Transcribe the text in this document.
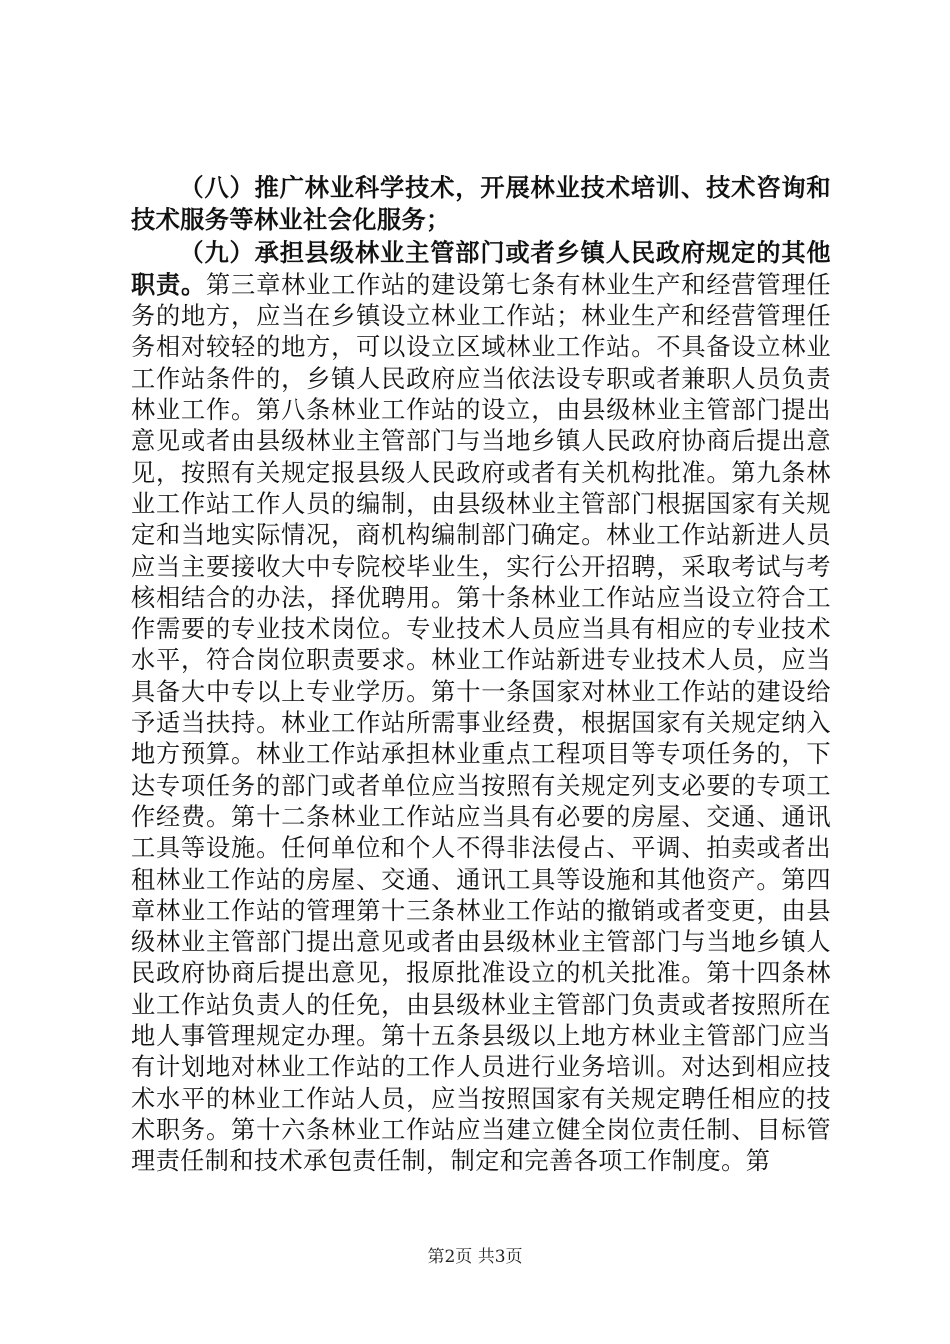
（八）推广林业科学技术，开展林业技术培训、技术咨询和技术服务等林业社会化服务；

（九）承担县级林业主管部门或者乡镇人民政府规定的其他职责。第三章林业工作站的建设第七条有林业生产和经营管理任务的地方，应当在乡镇设立林业工作站；林业生产和经营管理任务相对较轻的地方，可以设立区域林业工作站。不具备设立林业工作站条件的，乡镇人民政府应当依法设专职或者兼职人员负责林业工作。第八条林业工作站的设立，由县级林业主管部门提出意见或者由县级林业主管部门与当地乡镇人民政府协商后提出意见，按照有关规定报县级人民政府或者有关机构批准。第九条林业工作站工作人员的编制，由县级林业主管部门根据国家有关规定和当地实际情况，商机构编制部门确定。林业工作站新进人员应当主要接收大中专院校毕业生，实行公开招聘，采取考试与考核相结合的办法，择优聘用。第十条林业工作站应当设立符合工作需要的专业技术岗位。专业技术人员应当具有相应的专业技术水平，符合岗位职责要求。林业工作站新进专业技术人员，应当具备大中专以上专业学历。第十一条国家对林业工作站的建设给予适当扶持。林业工作站所需事业经费，根据国家有关规定纳入地方预算。林业工作站承担林业重点工程项目等专项任务的，下达专项任务的部门或者单位应当按照有关规定列支必要的专项工作经费。第十二条林业工作站应当具有必要的房屋、交通、通讯工具等设施。任何单位和个人不得非法侵占、平调、拍卖或者出租林业工作站的房屋、交通、通讯工具等设施和其他资产。第四章林业工作站的管理第十三条林业工作站的撤销或者变更，由县级林业主管部门提出意见或者由县级林业主管部门与当地乡镇人民政府协商后提出意见，报原批准设立的机关批准。第十四条林业工作站负责人的任免，由县级林业主管部门负责或者按照所在地人事管理规定办理。第十五条县级以上地方林业主管部门应当有计划地对林业工作站的工作人员进行业务培训。对达到相应技术水平的林业工作站人员，应当按照国家有关规定聘任相应的技术职务。第十六条林业工作站应当建立健全岗位责任制、目标管理责任制和技术承包责任制，制定和完善各项工作制度。第

第2页 共3页
